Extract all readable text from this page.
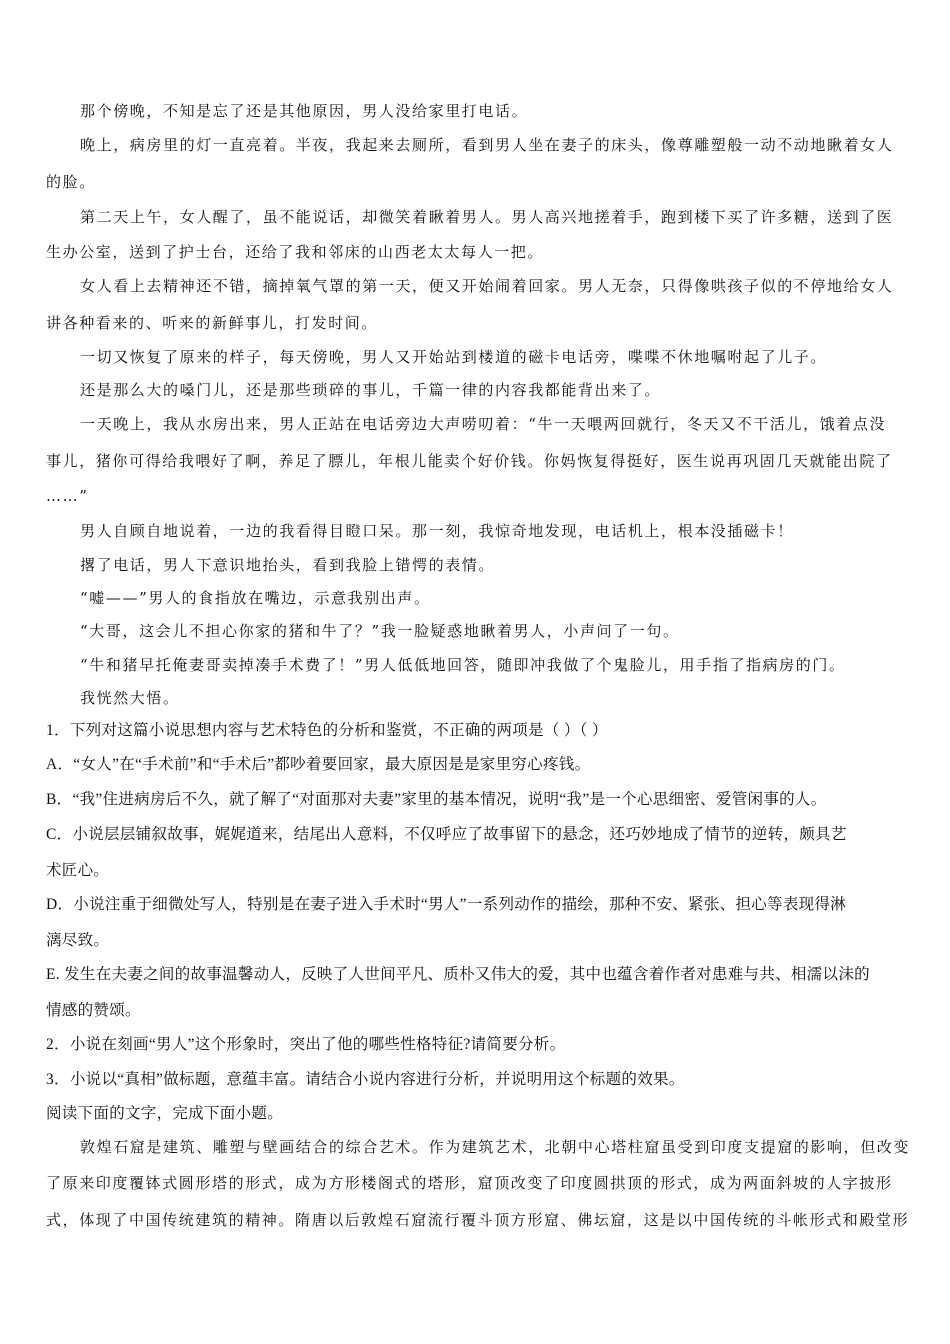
那个傍晚，不知是忘了还是其他原因，男人没给家里打电话。
晚上，病房里的灯一直亮着。半夜，我起来去厕所，看到男人坐在妻子的床头，像尊雕塑般一动不动地瞅着女人
的脸。
第二天上午，女人醒了，虽不能说话，却微笑着瞅着男人。男人高兴地搓着手，跑到楼下买了许多糖，送到了医
生办公室，送到了护士台，还给了我和邻床的山西老太太每人一把。
女人看上去精神还不错，摘掉氧气罩的第一天，便又开始闹着回家。男人无奈，只得像哄孩子似的不停地给女人
讲各种看来的、听来的新鲜事儿，打发时间。
一切又恢复了原来的样子，每天傍晚，男人又开始站到楼道的磁卡电话旁，喋喋不休地嘱咐起了儿子。
还是那么大的嗓门儿，还是那些琐碎的事儿，千篇一律的内容我都能背出来了。
一天晚上，我从水房出来，男人正站在电话旁边大声唠叨着：“牛一天喂两回就行，冬天又不干活儿，饿着点没
事儿，猪你可得给我喂好了啊，养足了膘儿，年根儿能卖个好价钱。你妈恢复得挺好，医生说再巩固几天就能出院了
……”
男人自顾自地说着，一边的我看得目瞪口呆。那一刻，我惊奇地发现，电话机上，根本没插磁卡！
撂了电话，男人下意识地抬头，看到我脸上错愕的表情。
“嘘——”男人的食指放在嘴边，示意我别出声。
“大哥，这会儿不担心你家的猪和牛了？”我一脸疑惑地瞅着男人，小声问了一句。
“牛和猪早托俺妻哥卖掉凑手术费了！”男人低低地回答，随即冲我做了个鬼脸儿，用手指了指病房的门。
我恍然大悟。
1．下列对这篇小说思想内容与艺术特色的分析和鉴赏，不正确的两项是（ ）（ ）
A．“女人”在“手术前”和“手术后”都吵着要回家，最大原因是是家里穷心疼钱。
B．“我”住进病房后不久，就了解了“对面那对夫妻”家里的基本情况，说明“我”是一个心思细密、爱管闲事的人。
C．小说层层铺叙故事，娓娓道来，结尾出人意料，不仅呼应了故事留下的悬念，还巧妙地成了情节的逆转，颇具艺
术匠心。
D．小说注重于细微处写人，特别是在妻子进入手术时“男人”一系列动作的描绘，那种不安、紧张、担心等表现得淋
漓尽致。
E. 发生在夫妻之间的故事温馨动人，反映了人世间平凡、质朴又伟大的爱，其中也蕴含着作者对患难与共、相濡以沫的
情感的赞颂。
2．小说在刻画“男人”这个形象时，突出了他的哪些性格特征?请简要分析。
3．小说以“真相”做标题，意蕴丰富。请结合小说内容进行分析，并说明用这个标题的效果。
阅读下面的文字，完成下面小题。
敦煌石窟是建筑、雕塑与壁画结合的综合艺术。作为建筑艺术，北朝中心塔柱窟虽受到印度支提窟的影响，但改变
了原来印度覆钵式圆形塔的形式，成为方形楼阁式的塔形，窟顶改变了印度圆拱顶的形式，成为两面斜坡的人字披形
式，体现了中国传统建筑的精神。隋唐以后敦煌石窟流行覆斗顶方形窟、佛坛窟，这是以中国传统的斗帐形式和殿堂形
